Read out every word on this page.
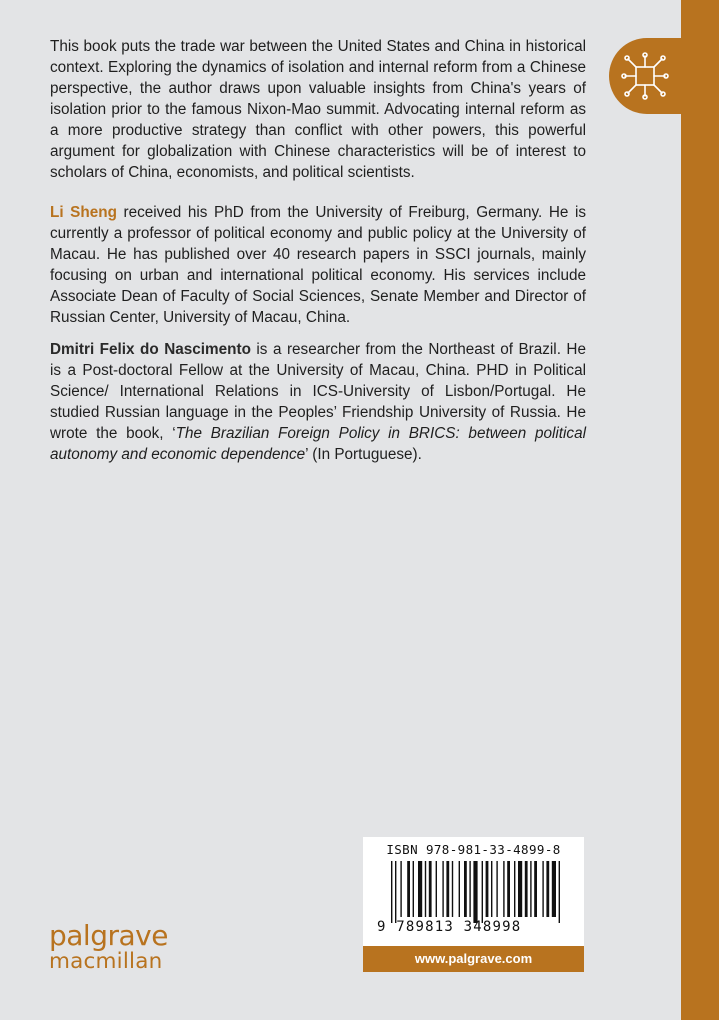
This book puts the trade war between the United States and China in historical context. Exploring the dynamics of isolation and internal reform from a Chinese perspective, the author draws upon valuable insights from China's years of isolation prior to the famous Nixon-Mao summit. Advocating internal reform as a more productive strategy than conflict with other powers, this powerful argument for globalization with Chinese characteristics will be of interest to scholars of China, economists, and political scientists.

Li Sheng received his PhD from the University of Freiburg, Germany. He is currently a professor of political economy and public policy at the University of Macau. He has published over 40 research papers in SSCI journals, mainly focusing on urban and international political economy. His services include Associate Dean of Faculty of Social Sciences, Senate Member and Director of Russian Center, University of Macau, China.

Dmitri Felix do Nascimento is a researcher from the Northeast of Brazil. He is a Post-doctoral Fellow at the University of Macau, China. PHD in Political Science/ International Relations in ICS-University of Lisbon/Portugal. He studied Russian language in the Peoples’ Friendship University of Russia. He wrote the book, ‘The Brazilian Foreign Policy in BRICS: between political autonomy and economic dependence’ (In Portuguese).

ISBN 978-981-33-4899-8
9 789813 348998
www.palgrave.com
palgrave
macmillan
